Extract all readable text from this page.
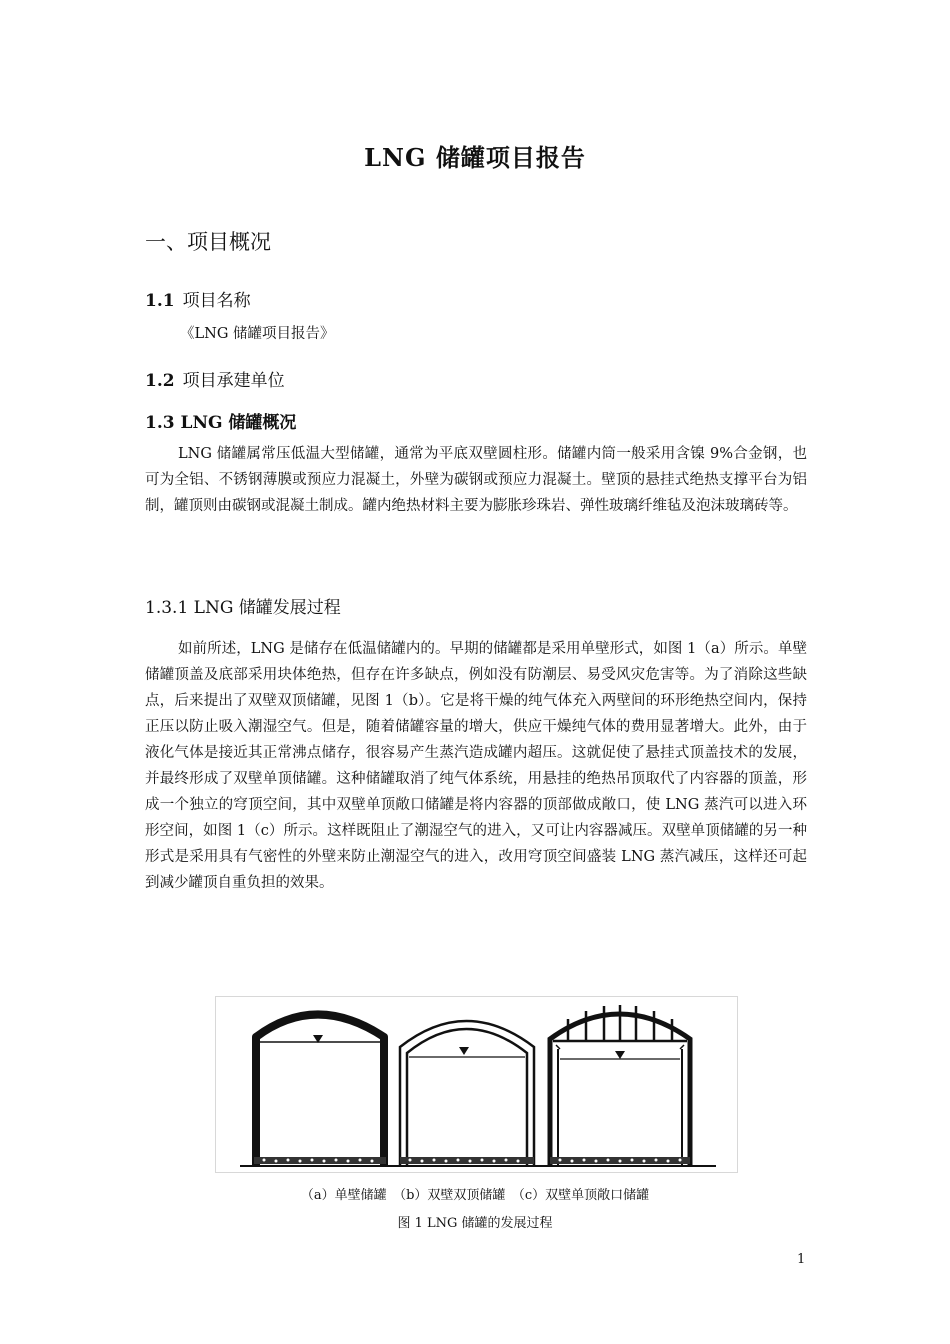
LNG 储罐项目报告
一、项目概况
1.1 项目名称
《LNG 储罐项目报告》
1.2 项目承建单位
1.3 LNG 储罐概况
LNG 储罐属常压低温大型储罐，通常为平底双壁圆柱形。储罐内筒一般采用含镍 9%合金钢，也可为全铝、不锈钢薄膜或预应力混凝土，外壁为碳钢或预应力混凝土。壁顶的悬挂式绝热支撑平台为铝制，罐顶则由碳钢或混凝土制成。罐内绝热材料主要为膨胀珍珠岩、弹性玻璃纤维毡及泡沫玻璃砖等。
1.3.1 LNG 储罐发展过程
如前所述，LNG 是储存在低温储罐内的。早期的储罐都是采用单壁形式，如图 1（a）所示。单壁储罐顶盖及底部采用块体绝热，但存在许多缺点，例如没有防潮层、易受风灾危害等。为了消除这些缺点，后来提出了双壁双顶储罐，见图 1（b）。它是将干燥的纯气体充入两壁间的环形绝热空间内，保持正压以防止吸入潮湿空气。但是，随着储罐容量的增大，供应干燥纯气体的费用显著增大。此外，由于液化气体是接近其正常沸点储存，很容易产生蒸汽造成罐内超压。这就促使了悬挂式顶盖技术的发展，并最终形成了双壁单顶储罐。这种储罐取消了纯气体系统，用悬挂的绝热吊顶取代了内容器的顶盖，形成一个独立的穹顶空间，其中双壁单顶敞口储罐是将内容器的顶部做成敞口，使 LNG 蒸汽可以进入环形空间，如图 1（c）所示。这样既阻止了潮湿空气的进入，又可让内容器减压。双壁单顶储罐的另一种形式是采用具有气密性的外壁来防止潮湿空气的进入，改用穹顶空间盛装 LNG 蒸汽减压，这样还可起到减少罐顶自重负担的效果。
（a）单壁储罐　（b）双壁双顶储罐　（c）双壁单顶敞口储罐
图 1 LNG 储罐的发展过程
1
